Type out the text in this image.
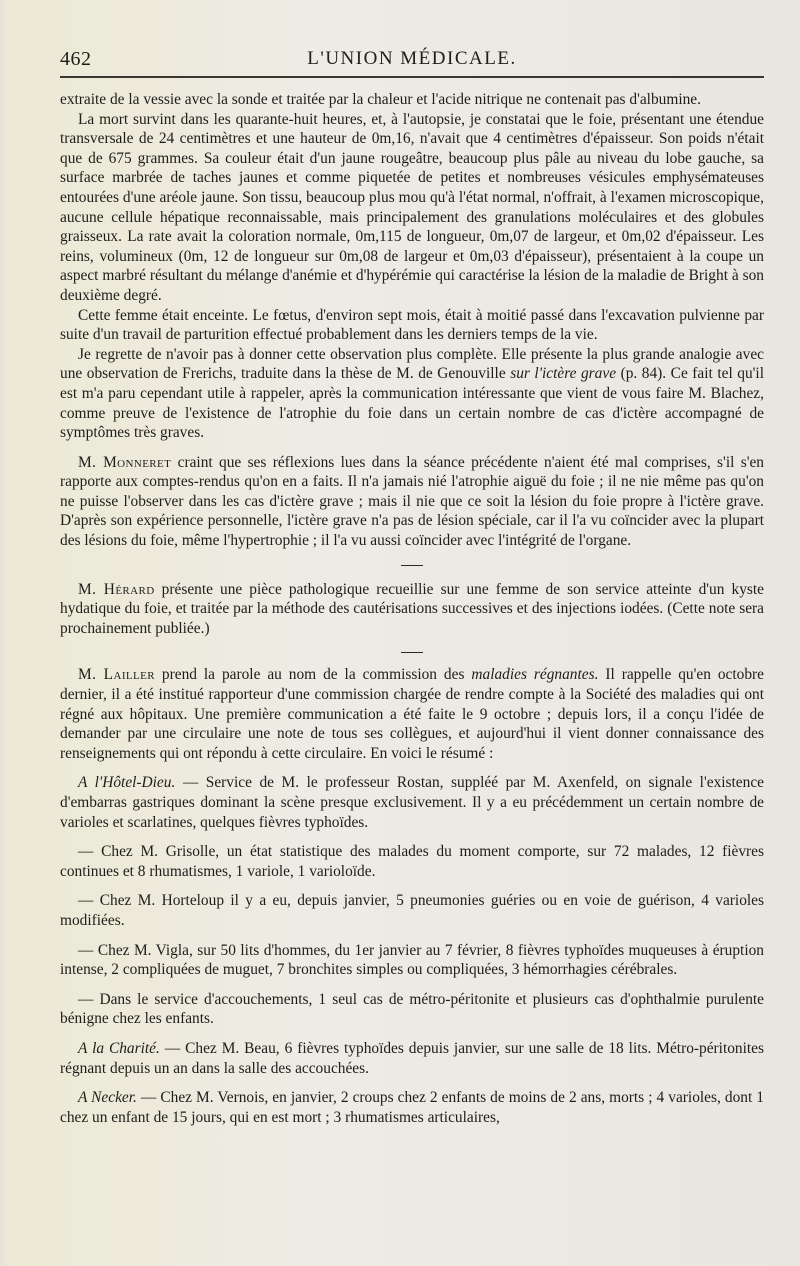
462	L'UNION MÉDICALE.

extraite de la vessie avec la sonde et traitée par la chaleur et l'acide nitrique ne contenait pas d'albumine.

La mort survint dans les quarante-huit heures, et, à l'autopsie, je constatai que le foie, présentant une étendue transversale de 24 centimètres et une hauteur de 0m,16, n'avait que 4 centimètres d'épaisseur. Son poids n'était que de 675 grammes. Sa couleur était d'un jaune rougeâtre, beaucoup plus pâle au niveau du lobe gauche, sa surface marbrée de taches jaunes et comme piquetée de petites et nombreuses vésicules emphysémateuses entourées d'une aréole jaune. Son tissu, beaucoup plus mou qu'à l'état normal, n'offrait, à l'examen microscopique, aucune cellule hépatique reconnaissable, mais principalement des granulations moléculaires et des globules graisseux. La rate avait la coloration normale, 0m,115 de longueur, 0m,07 de largeur, et 0m,02 d'épaisseur. Les reins, volumineux (0m, 12 de longueur sur 0m,08 de largeur et 0m,03 d'épaisseur), présentaient à la coupe un aspect marbré résultant du mélange d'anémie et d'hypérémie qui caractérise la lésion de la maladie de Bright à son deuxième degré.

Cette femme était enceinte. Le fœtus, d'environ sept mois, était à moitié passé dans l'excavation pulvienne par suite d'un travail de parturition effectué probablement dans les derniers temps de la vie.

Je regrette de n'avoir pas à donner cette observation plus complète. Elle présente la plus grande analogie avec une observation de Frerichs, traduite dans la thèse de M. de Genouville sur l'ictère grave (p. 84). Ce fait tel qu'il est m'a paru cependant utile à rappeler, après la communication intéressante que vient de vous faire M. Blachez, comme preuve de l'existence de l'atrophie du foie dans un certain nombre de cas d'ictère accompagné de symptômes très graves.

M. Monneret craint que ses réflexions lues dans la séance précédente n'aient été mal comprises, s'il s'en rapporte aux comptes-rendus qu'on en a faits. Il n'a jamais nié l'atrophie aiguë du foie ; il ne nie même pas qu'on ne puisse l'observer dans les cas d'ictère grave ; mais il nie que ce soit la lésion du foie propre à l'ictère grave. D'après son expérience personnelle, l'ictère grave n'a pas de lésion spéciale, car il l'a vu coïncider avec la plupart des lésions du foie, même l'hypertrophie ; il l'a vu aussi coïncider avec l'intégrité de l'organe.

M. Hérard présente une pièce pathologique recueillie sur une femme de son service atteinte d'un kyste hydatique du foie, et traitée par la méthode des cautérisations successives et des injections iodées. (Cette note sera prochainement publiée.)

M. Lailler prend la parole au nom de la commission des maladies régnantes. Il rappelle qu'en octobre dernier, il a été institué rapporteur d'une commission chargée de rendre compte à la Société des maladies qui ont régné aux hôpitaux. Une première communication a été faite le 9 octobre ; depuis lors, il a conçu l'idée de demander par une circulaire une note de tous ses collègues, et aujourd'hui il vient donner connaissance des renseignements qui ont répondu à cette circulaire. En voici le résumé :

A l'Hôtel-Dieu. — Service de M. le professeur Rostan, suppléé par M. Axenfeld, on signale l'existence d'embarras gastriques dominant la scène presque exclusivement. Il y a eu précédemment un certain nombre de varioles et scarlatines, quelques fièvres typhoïdes.

— Chez M. Grisolle, un état statistique des malades du moment comporte, sur 72 malades, 12 fièvres continues et 8 rhumatismes, 1 variole, 1 varioloïde.

— Chez M. Horteloup il y a eu, depuis janvier, 5 pneumonies guéries ou en voie de guérison, 4 varioles modifiées.

— Chez M. Vigla, sur 50 lits d'hommes, du 1er janvier au 7 février, 8 fièvres typhoïdes muqueuses à éruption intense, 2 compliquées de muguet, 7 bronchites simples ou compliquées, 3 hémorrhagies cérébrales.

— Dans le service d'accouchements, 1 seul cas de métro-péritonite et plusieurs cas d'ophthalmie purulente bénigne chez les enfants.

A la Charité. — Chez M. Beau, 6 fièvres typhoïdes depuis janvier, sur une salle de 18 lits. Métro-péritonites régnant depuis un an dans la salle des accouchées.

A Necker. — Chez M. Vernois, en janvier, 2 croups chez 2 enfants de moins de 2 ans, morts ; 4 varioles, dont 1 chez un enfant de 15 jours, qui en est mort ; 3 rhumatismes articulaires,
